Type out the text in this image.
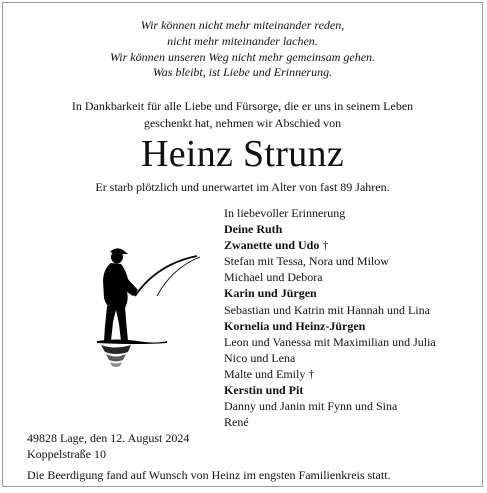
Wir können nicht mehr miteinander reden,
nicht mehr miteinander lachen.
Wir können unseren Weg nicht mehr gemeinsam gehen.
Was bleibt, ist Liebe und Erinnerung.
In Dankbarkeit für alle Liebe und Fürsorge, die er uns in seinem Leben
geschenkt hat, nehmen wir Abschied von
Heinz Strunz
Er starb plötzlich und unerwartet im Alter von fast 89 Jahren.
In liebevoller Erinnerung
Deine Ruth
Zwanette und Udo †
Stefan mit Tessa, Nora und Milow
Michael und Debora
Karin und Jürgen
Sebastian und Katrin mit Hannah und Lina
Kornelia und Heinz-Jürgen
Leon und Vanessa mit Maximilian und Julia
Nico und Lena
Malte und Emily †
Kerstin und Pit
Danny und Janin mit Fynn und Sina
René
49828 Lage, den 12. August 2024
Koppelstraße 10
Die Beerdigung fand auf Wunsch von Heinz im engsten Familienkreis statt.
